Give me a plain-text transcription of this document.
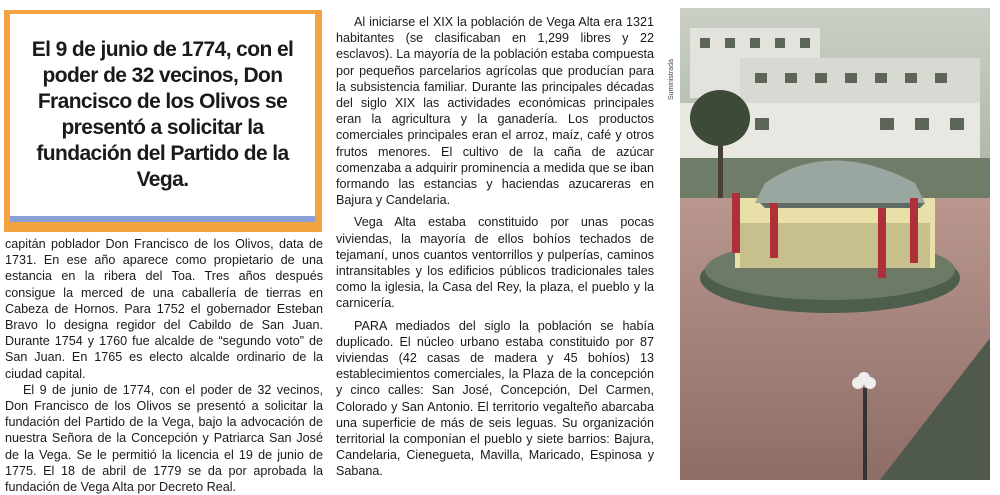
El 9 de junio de 1774, con el poder de 32 vecinos, Don Francisco de los Olivos se presentó a solicitar la fundación del Partido de la Vega.

capitán poblador Don Francisco de los Olivos, data de 1731. En ese año aparece como propietario de una estancia en la ribera del Toa. Tres años después consigue la merced de una caballería de tierras en Cabeza de Hornos. Para 1752 el gobernador Esteban Bravo lo designa regidor del Cabildo de San Juan. Durante 1754 y 1760 fue alcalde de “segundo voto” de San Juan. En 1765 es electo alcalde ordinario de la ciudad capital.

El 9 de junio de 1774, con el poder de 32 vecinos, Don Francisco de los Olivos se presentó a solicitar la fundación del Partido de la Vega, bajo la advocación de nuestra Señora de la Concepción y Patriarca San José de la Vega. Se le permitió la licencia el 19 de junio de 1775. El 18 de abril de 1779 se da por aprobada la fundación de Vega Alta por Decreto Real.

Al iniciarse el XIX la población de Vega Alta era 1321 habitantes (se clasificaban en 1,299 libres y 22 esclavos). La mayoría de la población estaba compuesta por pequeños parcelarios agrícolas que producían para la subsistencia familiar. Durante las principales décadas del siglo XIX las actividades económicas principales eran la agricultura y la ganadería. Los productos comerciales principales eran el arroz, maíz, café y otros frutos menores. El cultivo de la caña de azúcar comenzaba a adquirir prominencia a medida que se iban formando las estancias y haciendas azucareras en Bajura y Candelaria.

Vega Alta estaba constituido por unas pocas viviendas, la mayoría de ellos bohíos techados de tejamaní, unos cuantos ventorrillos y pulperías, caminos intransitables y los edificios públicos tradicionales tales como la iglesia, la Casa del Rey, la plaza, el pueblo y la carnicería.

PARA mediados del siglo la población se había duplicado. El núcleo urbano estaba constituido por 87 viviendas (42 casas de madera y 45 bohíos) 13 establecimientos comerciales, la Plaza de la concepción y cinco calles: San José, Concepción, Del Carmen, Colorado y San Antonio. El territorio vegalteño abarcaba una superficie de más de seis leguas. Su organización territorial la componían el pueblo y siete barrios: Bajura, Candelaria, Cienegueta, Mavilla, Maricado, Espinosa y Sabana.

Suministrada
